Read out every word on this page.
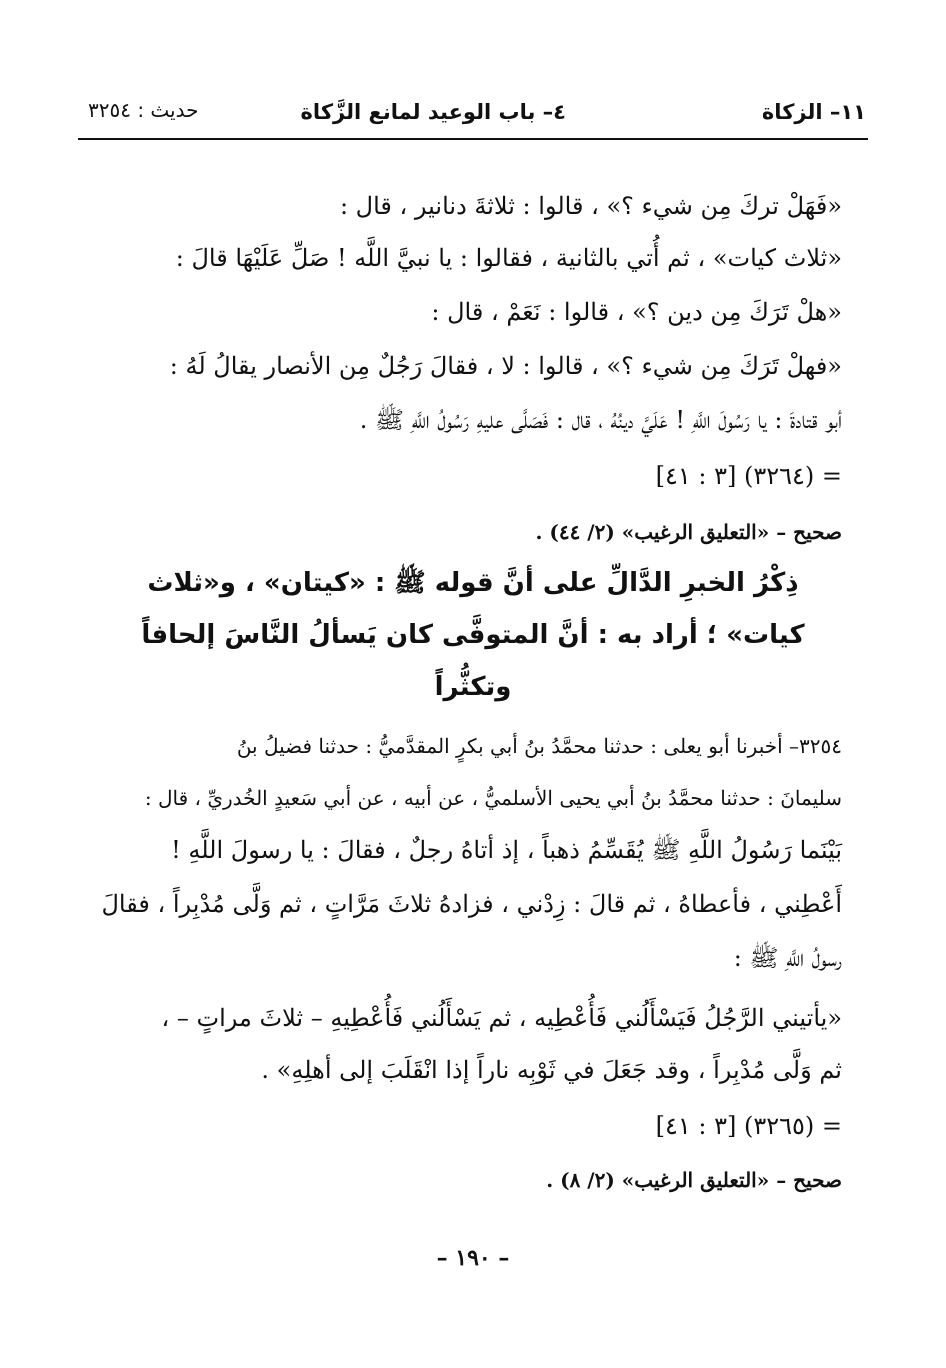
١١– الزكاة
٤– باب الوعيد لمانع الزَّكاة
حديث : ٣٢٥٤
«فَهَلْ تركَ مِن شيء ؟» ، قالوا : ثلاثةَ دنانير ، قال :
«ثلاث كيات» ، ثم أُتي بالثانية ، فقالوا : يا نبيَّ اللَّه ! صَلِّ عَلَيْهَا قالَ :
«هلْ تَرَكَ مِن دين ؟» ، قالوا : نَعَمْ ، قال :
«فهلْ تَرَكَ مِن شيء ؟» ، قالوا : لا ، فقالَ رَجُلٌ مِن الأنصار يقالُ لَهُ :
أبو قتادةَ : يا رَسُولَ اللَّهِ ! عَلَيَّ دينُهُ ، قال : فَصَلَّى عليهِ رَسُولُ اللَّهِ ﷺ .
= (٣٢٦٤) [٣ : ٤١]
صحيح – «التعليق الرغيب» (٢/ ٤٤) .
ذِكْرُ الخبرِ الدَّالِّ على أنَّ قوله ﷺ : «كيتان» ، و«ثلاث
كيات» ؛ أراد به : أنَّ المتوفَّى كان يَسألُ النَّاسَ إلحافاً
وتكثُّراً
٣٢٥٤– أخبرنا أبو يعلى : حدثنا محمَّدُ بنُ أبي بكرٍ المقدَّميُّ : حدثنا فضيلُ بنُ
سليمانَ : حدثنا محمَّدُ بنُ أبي يحيى الأسلميُّ ، عن أبيه ، عن أبي سَعيدٍ الخُدريِّ ، قال :
بَيْنَما رَسُولُ اللَّهِ ﷺ يُقَسِّمُ ذهباً ، إذ أتاهُ رجلٌ ، فقالَ : يا رسولَ اللَّهِ !
أَعْطِني ، فأعطاهُ ، ثم قالَ : زِدْني ، فزادهُ ثلاثَ مَرَّاتٍ ، ثم وَلَّى مُدْبِراً ، فقالَ
رسولُ اللَّهِ ﷺ :
«يأتيني الرَّجُلُ فَيَسْأَلُني فَأُعْطِيه ، ثم يَسْأَلُني فَأُعْطِيهِ – ثلاثَ مراتٍ – ،
ثم وَلَّى مُدْبِراً ، وقد جَعَلَ في ثَوْبِه ناراً إذا انْقَلَبَ إلى أهلِهِ» .
= (٣٢٦٥) [٣ : ٤١]
صحيح – «التعليق الرغيب» (٢/ ٨) .
– ١٩٠ –
